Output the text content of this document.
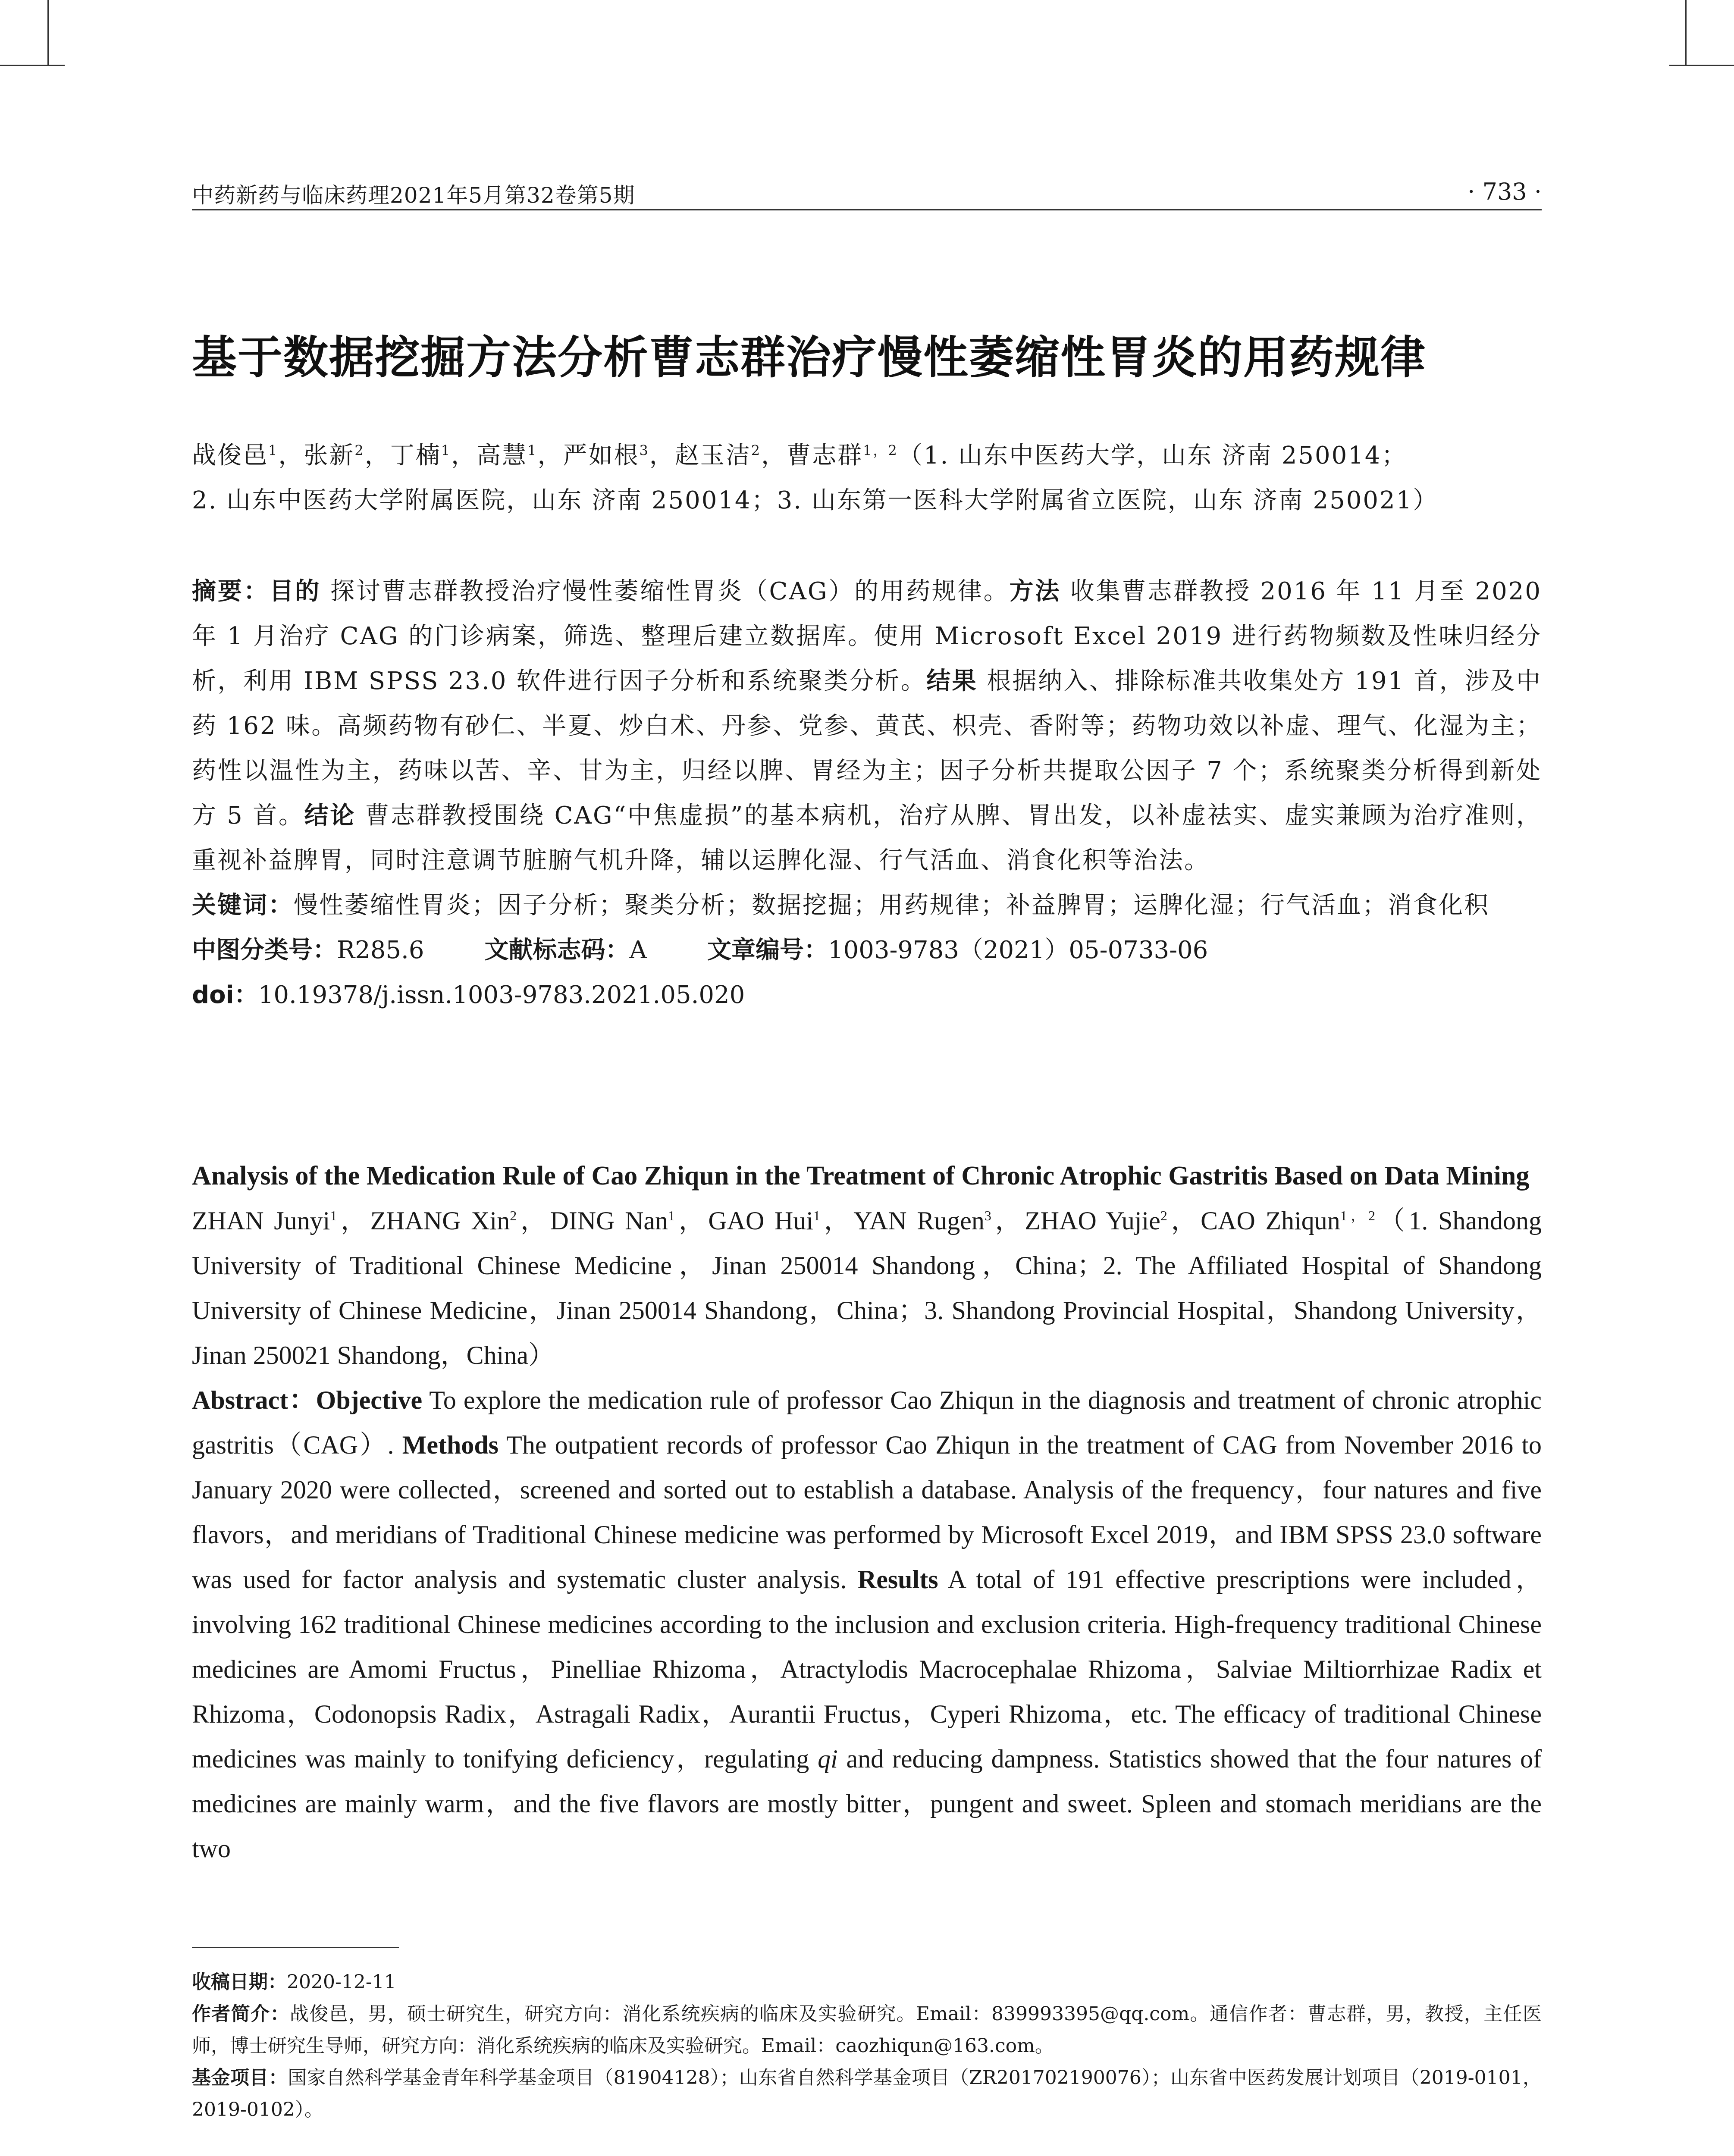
中药新药与临床药理2021年5月第32卷第5期	· 733 ·
基于数据挖掘方法分析曹志群治疗慢性萎缩性胃炎的用药规律

战俊邑$^1$，张新$^2$，丁楠$^1$，高慧$^1$，严如根$^3$，赵玉洁$^2$，曹志群$^{1,2}$（1. 山东中医药大学，山东 济南 250014；
2. 山东中医药大学附属医院，山东 济南 250014；3. 山东第一医科大学附属省立医院，山东 济南 250021）

摘要：目的 探讨曹志群教授治疗慢性萎缩性胃炎（CAG）的用药规律。方法 收集曹志群教授 2016 年 11 月至 2020 年 1 月治疗 CAG 的门诊病案，筛选、整理后建立数据库。使用 Microsoft Excel 2019 进行药物频数及性味归经分析，利用 IBM SPSS 23.0 软件进行因子分析和系统聚类分析。结果 根据纳入、排除标准共收集处方 191 首，涉及中药 162 味。高频药物有砂仁、半夏、炒白术、丹参、党参、黄芪、枳壳、香附等；药物功效以补虚、理气、化湿为主；药性以温性为主，药味以苦、辛、甘为主，归经以脾、胃经为主；因子分析共提取公因子 7 个；系统聚类分析得到新处方 5 首。结论 曹志群教授围绕 CAG“中焦虚损”的基本病机，治疗从脾、胃出发，以补虚祛实、虚实兼顾为治疗准则，重视补益脾胃，同时注意调节脏腑气机升降，辅以运脾化湿、行气活血、消食化积等治法。

关键词：慢性萎缩性胃炎；因子分析；聚类分析；数据挖掘；用药规律；补益脾胃；运脾化湿；行气活血；消食化积

中图分类号：R285.6	文献标志码：A	文章编号：1003-9783（2021）05-0733-06

doi：10.19378/j.issn.1003-9783.2021.05.020

Analysis of the Medication Rule of Cao Zhiqun in the Treatment of Chronic Atrophic Gastritis Based on Data Mining

ZHAN Junyi$^1$，ZHANG Xin$^2$，DING Nan$^1$，GAO Hui$^1$，YAN Rugen$^3$，ZHAO Yujie$^2$，CAO Zhiqun$^{1,2}$（1. Shandong University of Traditional Chinese Medicine，Jinan 250014 Shandong，China；2. The Affiliated Hospital of Shandong University of Chinese Medicine，Jinan 250014 Shandong，China；3. Shandong Provincial Hospital，Shandong University，Jinan 250021 Shandong，China）

Abstract：Objective To explore the medication rule of professor Cao Zhiqun in the diagnosis and treatment of chronic atrophic gastritis（CAG）. Methods The outpatient records of professor Cao Zhiqun in the treatment of CAG from November 2016 to January 2020 were collected，screened and sorted out to establish a database. Analysis of the frequency，four natures and five flavors，and meridians of Traditional Chinese medicine was performed by Microsoft Excel 2019，and IBM SPSS 23.0 software was used for factor analysis and systematic cluster analysis. Results A total of 191 effective prescriptions were included，involving 162 traditional Chinese medicines according to the inclusion and exclusion criteria. High-frequency traditional Chinese medicines are Amomi Fructus，Pinelliae Rhizoma，Atractylodis Macrocephalae Rhizoma，Salviae Miltiorrhizae Radix et Rhizoma，Codonopsis Radix，Astragali Radix，Aurantii Fructus，Cyperi Rhizoma，etc. The efficacy of traditional Chinese medicines was mainly to tonifying deficiency，regulating qi and reducing dampness. Statistics showed that the four natures of medicines are mainly warm，and the five flavors are mostly bitter，pungent and sweet. Spleen and stomach meridians are the two

收稿日期：2020-12-11

作者简介：战俊邑，男，硕士研究生，研究方向：消化系统疾病的临床及实验研究。Email：839993395@qq.com。通信作者：曹志群，男，教授，主任医师，博士研究生导师，研究方向：消化系统疾病的临床及实验研究。Email：caozhiqun@163.com。

基金项目：国家自然科学基金青年科学基金项目（81904128）；山东省自然科学基金项目（ZR201702190076）；山东省中医药发展计划项目（2019-0101，2019-0102）。
